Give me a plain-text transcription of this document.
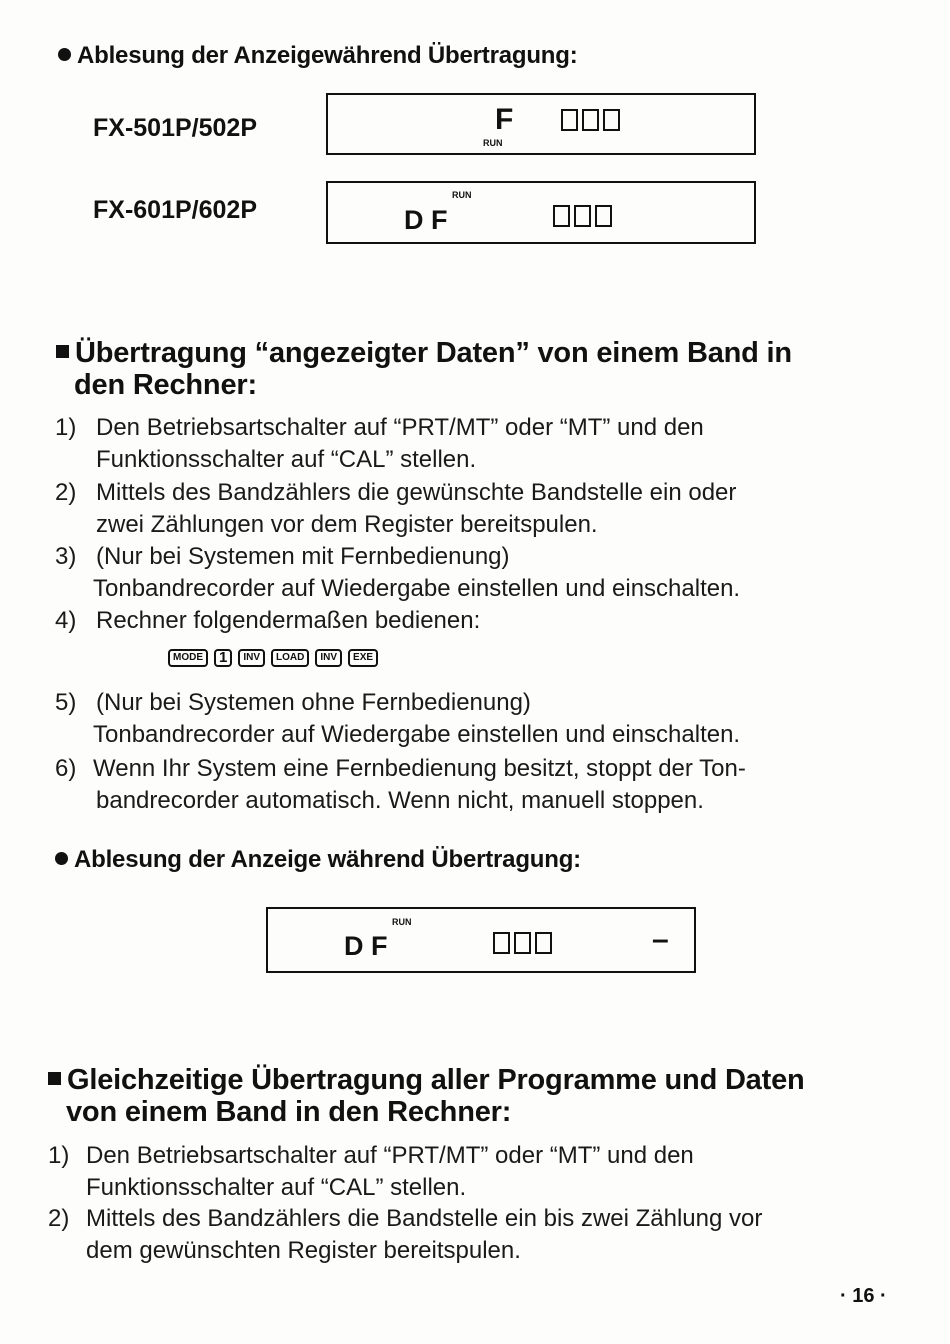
Ablesung der Anzeigewährend Übertragung:
FX-501P/502P	F
RUN
FX-601P/602P	D F
RUN
Übertragung “angezeigter Daten” von einem Band in
den Rechner:
1) Den Betriebsartschalter auf “PRT/MT” oder “MT” und den
Funktionsschalter auf “CAL” stellen.
2) Mittels des Bandzählers die gewünschte Bandstelle ein oder
zwei Zählungen vor dem Register bereitspulen.
3) (Nur bei Systemen mit Fernbedienung)
Tonbandrecorder auf Wiedergabe einstellen und einschalten.
4) Rechner folgendermaßen bedienen:
MODE	1	INV	LOAD	INV	EXE
5) (Nur bei Systemen ohne Fernbedienung)
Tonbandrecorder auf Wiedergabe einstellen und einschalten.
6) Wenn Ihr System eine Fernbedienung besitzt, stoppt der Ton-
bandrecorder automatisch. Wenn nicht, manuell stoppen.
Ablesung der Anzeige während Übertragung:
D F
RUN
–
Gleichzeitige Übertragung aller Programme und Daten
von einem Band in den Rechner:
1) Den Betriebsartschalter auf “PRT/MT” oder “MT” und den
Funktionsschalter auf “CAL” stellen.
2) Mittels des Bandzählers die Bandstelle ein bis zwei Zählung vor
dem gewünschten Register bereitspulen.
· 16 ·
